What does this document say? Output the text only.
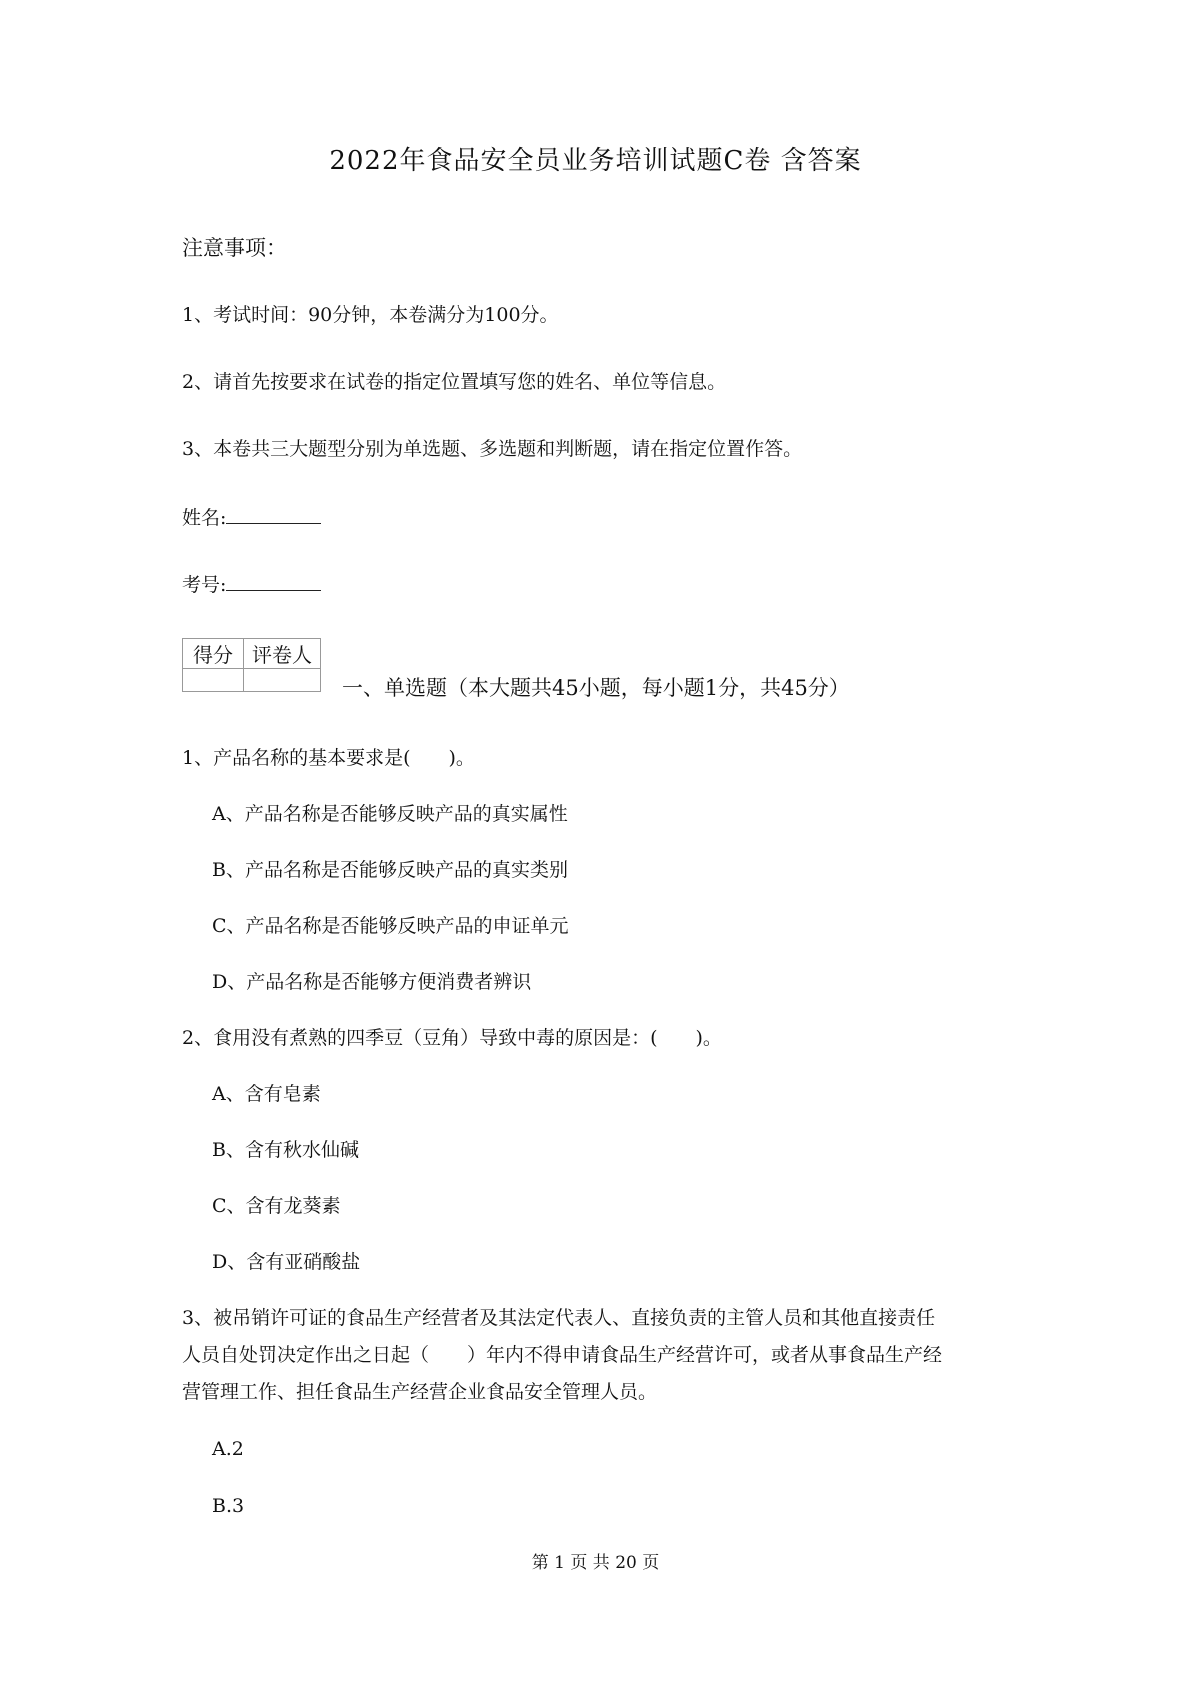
2022年食品安全员业务培训试题C卷 含答案
注意事项：
1、考试时间：90分钟，本卷满分为100分。
2、请首先按要求在试卷的指定位置填写您的姓名、单位等信息。
3、本卷共三大题型分别为单选题、多选题和判断题，请在指定位置作答。
姓名:
考号:
得分	评卷人

一、单选题（本大题共45小题，每小题1分，共45分）
1、产品名称的基本要求是(　　)。
A、产品名称是否能够反映产品的真实属性
B、产品名称是否能够反映产品的真实类别
C、产品名称是否能够反映产品的申证单元
D、产品名称是否能够方便消费者辨识
2、食用没有煮熟的四季豆（豆角）导致中毒的原因是：(　　)。
A、含有皂素
B、含有秋水仙碱
C、含有龙葵素
D、含有亚硝酸盐
3、被吊销许可证的食品生产经营者及其法定代表人、直接负责的主管人员和其他直接责任
人员自处罚决定作出之日起（　　）年内不得申请食品生产经营许可，或者从事食品生产经
营管理工作、担任食品生产经营企业食品安全管理人员。
A.2
B.3
第 1 页 共 20 页
